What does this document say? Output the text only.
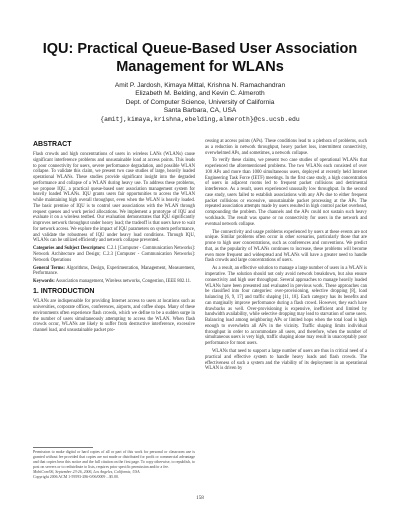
IQU: Practical Queue-Based User Association
Management for WLANs
Amit P. Jardosh, Kimaya Mittal, Krishna N. Ramachandran
Elizabeth M. Belding, and Kevin C. Almeroth
Dept. of Computer Science, University of California
Santa Barbara, CA, USA
{amitj,kimaya,krishna,ebelding,almeroth}@cs.ucsb.edu
ABSTRACT

Flash crowds and high concentrations of users in wireless LANs (WLANs) cause significant interference problems and unsustainable load at access points. This leads to poor connectivity for users, severe performance degradation, and possible WLAN collapse. To validate this claim, we present two case studies of large, heavily loaded operational WLANs. These studies provide significant insight into the degraded performance and collapse of a WLAN during heavy use. To address these problems, we propose IQU, a practical queue-based user association management system for heavily loaded WLANs. IQU grants users fair opportunities to access the WLAN while maintaining high overall throughput, even when the WLAN is heavily loaded. The basic premise of IQU is to control user associations with the WLAN through request queues and work period allocations. We implement a prototype of IQU and evaluate it on a wireless testbed. Our evaluation demonstrates that IQU significantly improves network throughput under heavy load; the tradeoff is that users have to wait for network access. We explore the impact of IQU parameters on system performance, and validate the robustness of IQU under heavy load conditions. Through IQU, WLANs can be utilized efficiently and network collapse prevented.

Categories and Subject Descriptors: C.2.1 [Computer - Communication Networks]: Network Architecture and Design; C.2.3 [Computer - Communication Networks]: Network Operations

General Terms: Algorithms, Design, Experimentation, Management, Measurement, Performance.

Keywords: Association management, Wireless networks, Congestion, IEEE 802.11.

1. INTRODUCTION

WLANs are indispensable for providing Internet access to users at locations such as universities, corporate offices, conferences, airports, and coffee shops. Many of these environments often experience flash crowds, which we define to be a sudden surge in the number of users simultaneously attempting to access the WLAN. When flash crowds occur, WLANs are likely to suffer from destructive interference, excessive channel load, and unsustainable packet pro-

Permission to make digital or hard copies of all or part of this work for personal or classroom use is granted without fee provided that copies are not made or distributed for profit or commercial advantage and that copies bear this notice and the full citation on the first page. To copy otherwise, to republish, to post on servers or to redistribute to lists, requires prior specific permission and/or a fee.
MobiCom'06, September 23-26, 2006, Los Angeles, California, USA.
Copyright 2006 ACM 1-59593-286-0/06/0009 ...$5.00.

cessing at access points (APs). These conditions lead to a plethora of problems, such as a reduction in network throughput, heavy packet loss, intermittent connectivity, overwhelmed APs, and sometimes, a network collapse.

To verify these claims, we present two case studies of operational WLANs that experienced the aforementioned problems. The two WLANs each consisted of over 100 APs and more than 1000 simultaneous users, deployed at recently held Internet Engineering Task Force (IETF) meetings. In the first case study, a high concentration of users in adjacent rooms led to frequent packet collisions and detrimental interference. As a result, users experienced unusually low throughput. In the second case study, users failed to establish associations with any APs due to either frequent packet collisions or excessive, unsustainable packet processing at the APs. The repeated association attempts made by users resulted in high control packet overhead, compounding the problem. The channels and the APs could not sustain such heavy workloads. The result was sparse or no connectivity for users in the network and eventual network collapse.

The connectivity and usage problems experienced by users at these events are not unique. Similar problems often occur in other scenarios, particularly those that are prone to high user concentrations, such as conferences and conventions. We predict that, as the popularity of WLANs continues to increase, these problems will become even more frequent and widespread and WLANs will have a greater need to handle flash crowds and large concentrations of users.

As a result, an effective solution to manage a large number of users in a WLAN is imperative. The solution should not only avoid network breakdown, but also ensure connectivity and high user throughput. Several approaches to manage heavily loaded WLANs have been presented and evaluated in previous work. These approaches can be classified into four categories: over-provisioning, selective dropping [8], load balancing [6, 9, 17] and traffic shaping [11, 18]. Each category has its benefits and can marginally improve performance during a flash crowd. However, they each have drawbacks as well. Over-provisioning is expensive, inefficient and limited by bandwidth availability, while selective dropping may lead to starvation of some users. Balancing load among neighboring APs or limited hops when the total load is high enough to overwhelm all APs in the vicinity. Traffic shaping limits individual throughput in order to accommodate all users, and therefore, when the number of simultaneous users is very high, traffic shaping alone may result in unacceptably poor performance for most users.

WLANs that need to support a large number of users are thus in critical need of a practical and effective system to handle heavy loads and flash crowds. The effectiveness of such a system and the viability of its deployment in an operational WLAN is driven by

158
